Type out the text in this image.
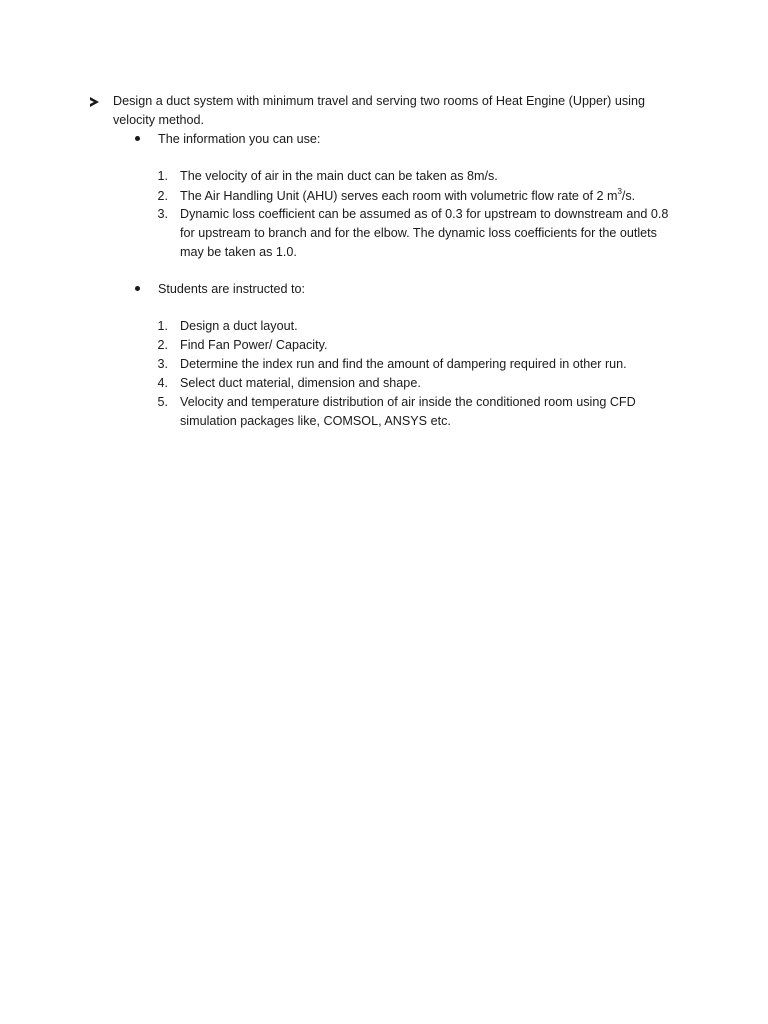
Design a duct system with minimum travel and serving two rooms of Heat Engine (Upper) using
velocity method.
The information you can use:
1. The velocity of air in the main duct can be taken as 8m/s.
2. The Air Handling Unit (AHU) serves each room with volumetric flow rate of 2 $m^3/s$.
3. Dynamic loss coefficient can be assumed as of 0.3 for upstream to downstream and 0.8
for upstream to branch and for the elbow. The dynamic loss coefficients for the outlets
may be taken as 1.0.
Students are instructed to:
1. Design a duct layout.
2. Find Fan Power/ Capacity.
3. Determine the index run and find the amount of dampering required in other run.
4. Select duct material, dimension and shape.
5. Velocity and temperature distribution of air inside the conditioned room using CFD
simulation packages like, COMSOL, ANSYS etc.
